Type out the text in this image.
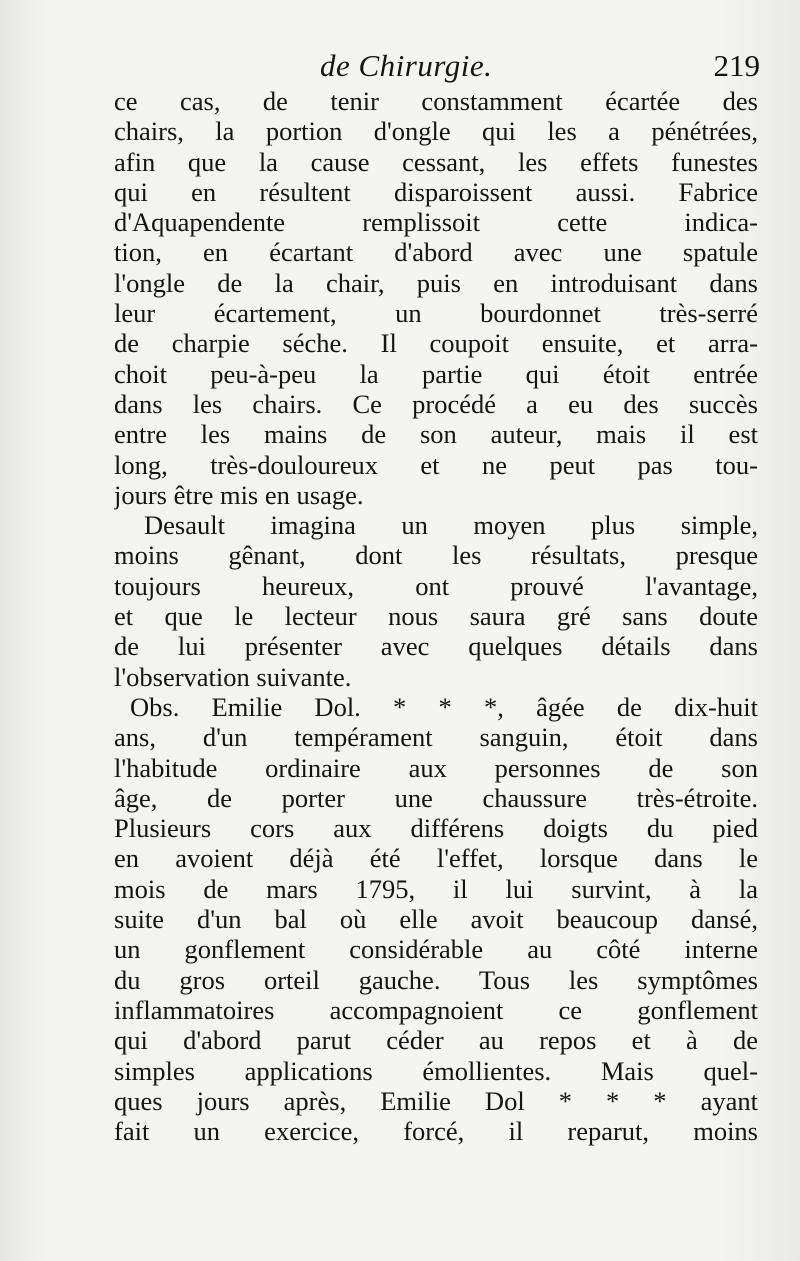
de Chirurgie.	219
ce cas, de tenir constamment écartée des
chairs, la portion d'ongle qui les a pénétrées,
afin que la cause cessant, les effets funestes
qui en résultent disparoissent aussi. Fabrice
d'Aquapendente remplissoit cette indica-
tion, en écartant d'abord avec une spatule
l'ongle de la chair, puis en introduisant dans
leur écartement, un bourdonnet très-serré
de charpie séche. Il coupoit ensuite, et arra-
choit peu-à-peu la partie qui étoit entrée
dans les chairs. Ce procédé a eu des succès
entre les mains de son auteur, mais il est
long, très-douloureux et ne peut pas tou-
jours être mis en usage.
Desault imagina un moyen plus simple,
moins gênant, dont les résultats, presque
toujours heureux, ont prouvé l'avantage,
et que le lecteur nous saura gré sans doute
de lui présenter avec quelques détails dans
l'observation suivante.
Obs. Emilie Dol. * * *, âgée de dix-huit
ans, d'un tempérament sanguin, étoit dans
l'habitude ordinaire aux personnes de son
âge, de porter une chaussure très-étroite.
Plusieurs cors aux différens doigts du pied
en avoient déjà été l'effet, lorsque dans le
mois de mars 1795, il lui survint, à la
suite d'un bal où elle avoit beaucoup dansé,
un gonflement considérable au côté interne
du gros orteil gauche. Tous les symptômes
inflammatoires accompagnoient ce gonflement
qui d'abord parut céder au repos et à de
simples applications émollientes. Mais quel-
ques jours après, Emilie Dol * * * ayant
fait un exercice, forcé, il reparut, moins
